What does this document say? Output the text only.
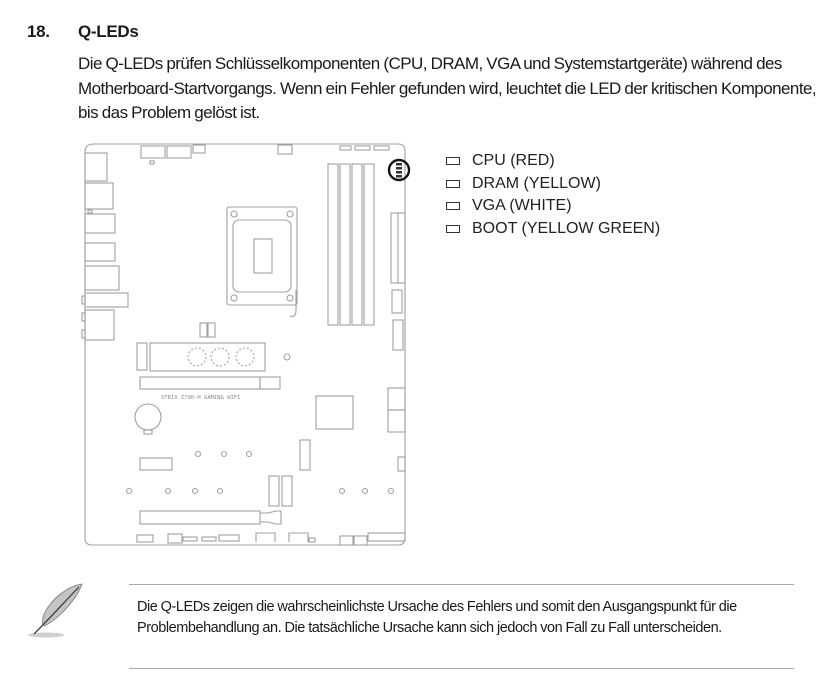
18. Q-LEDs
Die Q-LEDs prüfen Schlüsselkomponenten (CPU, DRAM, VGA und Systemstartgeräte) während des Motherboard-Startvorgangs. Wenn ein Fehler gefunden wird, leuchtet die LED der kritischen Komponente, bis das Problem gelöst ist.
STRIX Z790-H GAMING WIFI
CPU (RED)
DRAM (YELLOW)
VGA (WHITE)
BOOT (YELLOW GREEN)
Die Q-LEDs zeigen die wahrscheinlichste Ursache des Fehlers und somit den Ausgangspunkt für die Problembehandlung an. Die tatsächliche Ursache kann sich jedoch von Fall zu Fall unterscheiden.
